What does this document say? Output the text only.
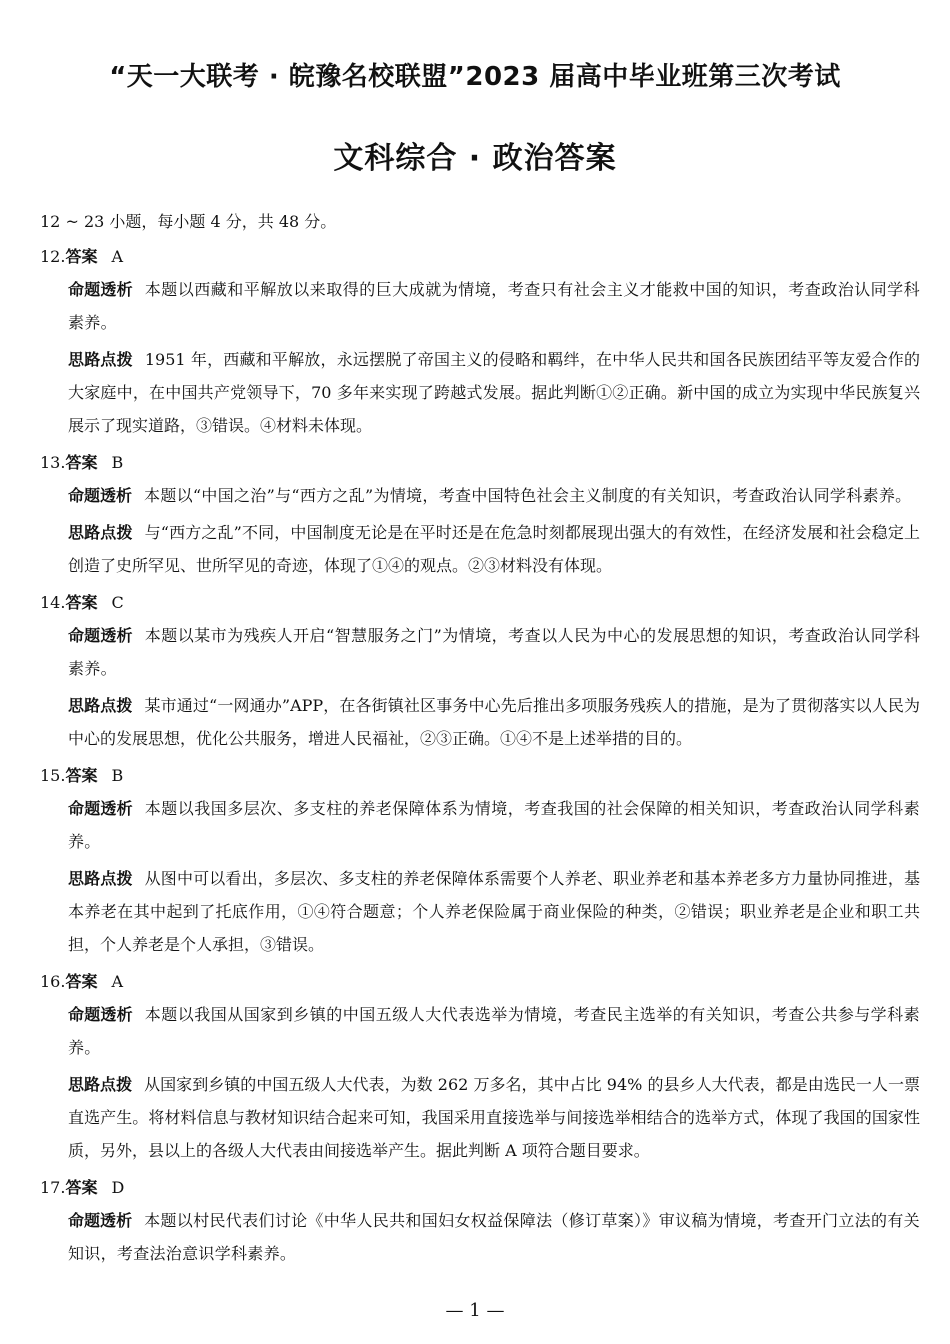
“天一大联考 · 皖豫名校联盟”2023 届高中毕业班第三次考试
文科综合 · 政治答案

12 ~ 23 小题，每小题 4 分，共 48 分。

12.答案 A
命题透析 本题以西藏和平解放以来取得的巨大成就为情境，考查只有社会主义才能救中国的知识，考查政治认同学科素养。
思路点拨 1951 年，西藏和平解放，永远摆脱了帝国主义的侵略和羁绊，在中华人民共和国各民族团结平等友爱合作的大家庭中，在中国共产党领导下，70 多年来实现了跨越式发展。据此判断①②正确。新中国的成立为实现中华民族复兴展示了现实道路，③错误。④材料未体现。
13.答案 B
命题透析 本题以“中国之治”与“西方之乱”为情境，考查中国特色社会主义制度的有关知识，考查政治认同学科素养。
思路点拨 与“西方之乱”不同，中国制度无论是在平时还是在危急时刻都展现出强大的有效性，在经济发展和社会稳定上创造了史所罕见、世所罕见的奇迹，体现了①④的观点。②③材料没有体现。
14.答案 C
命题透析 本题以某市为残疾人开启“智慧服务之门”为情境，考查以人民为中心的发展思想的知识，考查政治认同学科素养。
思路点拨 某市通过“一网通办”APP，在各街镇社区事务中心先后推出多项服务残疾人的措施，是为了贯彻落实以人民为中心的发展思想，优化公共服务，增进人民福祉，②③正确。①④不是上述举措的目的。
15.答案 B
命题透析 本题以我国多层次、多支柱的养老保障体系为情境，考查我国的社会保障的相关知识，考查政治认同学科素养。
思路点拨 从图中可以看出，多层次、多支柱的养老保障体系需要个人养老、职业养老和基本养老多方力量协同推进，基本养老在其中起到了托底作用，①④符合题意；个人养老保险属于商业保险的种类，②错误；职业养老是企业和职工共担，个人养老是个人承担，③错误。
16.答案 A
命题透析 本题以我国从国家到乡镇的中国五级人大代表选举为情境，考查民主选举的有关知识，考查公共参与学科素养。
思路点拨 从国家到乡镇的中国五级人大代表，为数 262 万多名，其中占比 94% 的县乡人大代表，都是由选民一人一票直选产生。将材料信息与教材知识结合起来可知，我国采用直接选举与间接选举相结合的选举方式，体现了我国的国家性质，另外，县以上的各级人大代表由间接选举产生。据此判断 A 项符合题目要求。
17.答案 D
命题透析 本题以村民代表们讨论《中华人民共和国妇女权益保障法（修订草案）》审议稿为情境，考查开门立法的有关知识，考查法治意识学科素养。
— 1 —
